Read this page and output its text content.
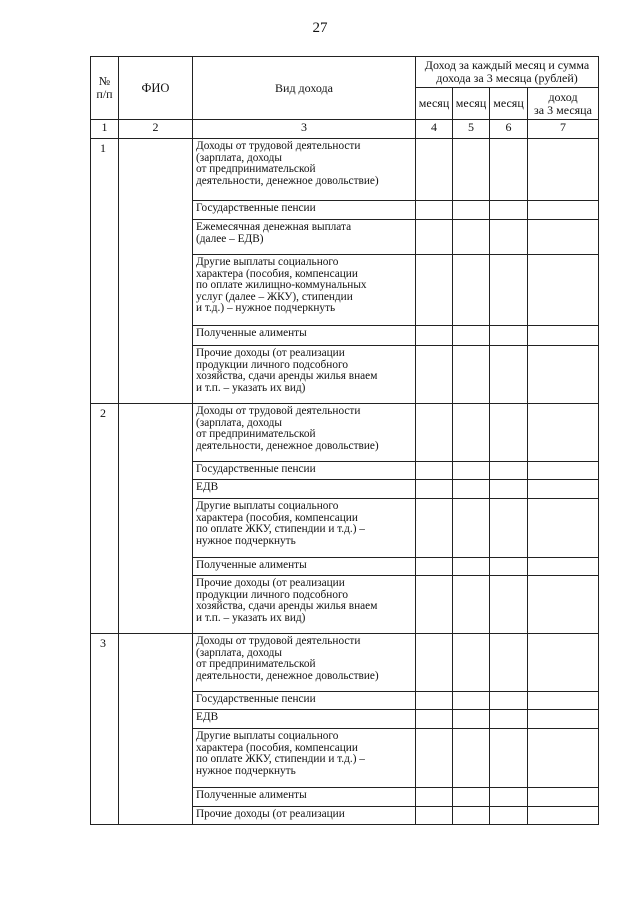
27
№
п/п	ФИО	Вид дохода	Доход за каждый месяц и сумма дохода за 3 месяца (рублей)			
			месяц	месяц	месяц	доход
за 3 месяца
1	2	3	4	5	6	7
1		Доходы от трудовой деятельности
(зарплата, доходы
от предпринимательской
деятельности, денежное довольствие)				
		Государственные пенсии				
		Ежемесячная денежная выплата
(далее – ЕДВ)				
		Другие выплаты социального
характера (пособия, компенсации
по оплате жилищно-коммунальных
услуг (далее – ЖКУ), стипендии
и т.д.) – нужное подчеркнуть				
		Полученные алименты				
		Прочие доходы (от реализации
продукции личного подсобного
хозяйства, сдачи аренды жилья внаем
и т.п. – указать их вид)				
2		Доходы от трудовой деятельности
(зарплата, доходы
от предпринимательской
деятельности, денежное довольствие)				
		Государственные пенсии				
		ЕДВ				
		Другие выплаты социального
характера (пособия, компенсации
по оплате ЖКУ, стипендии и т.д.) –
нужное подчеркнуть				
		Полученные алименты				
		Прочие доходы (от реализации
продукции личного подсобного
хозяйства, сдачи аренды жилья внаем
и т.п. – указать их вид)				
3		Доходы от трудовой деятельности
(зарплата, доходы
от предпринимательской
деятельности, денежное довольствие)				
		Государственные пенсии				
		ЕДВ				
		Другие выплаты социального
характера (пособия, компенсации
по оплате ЖКУ, стипендии и т.д.) –
нужное подчеркнуть				
		Полученные алименты				
		Прочие доходы (от реализации				
